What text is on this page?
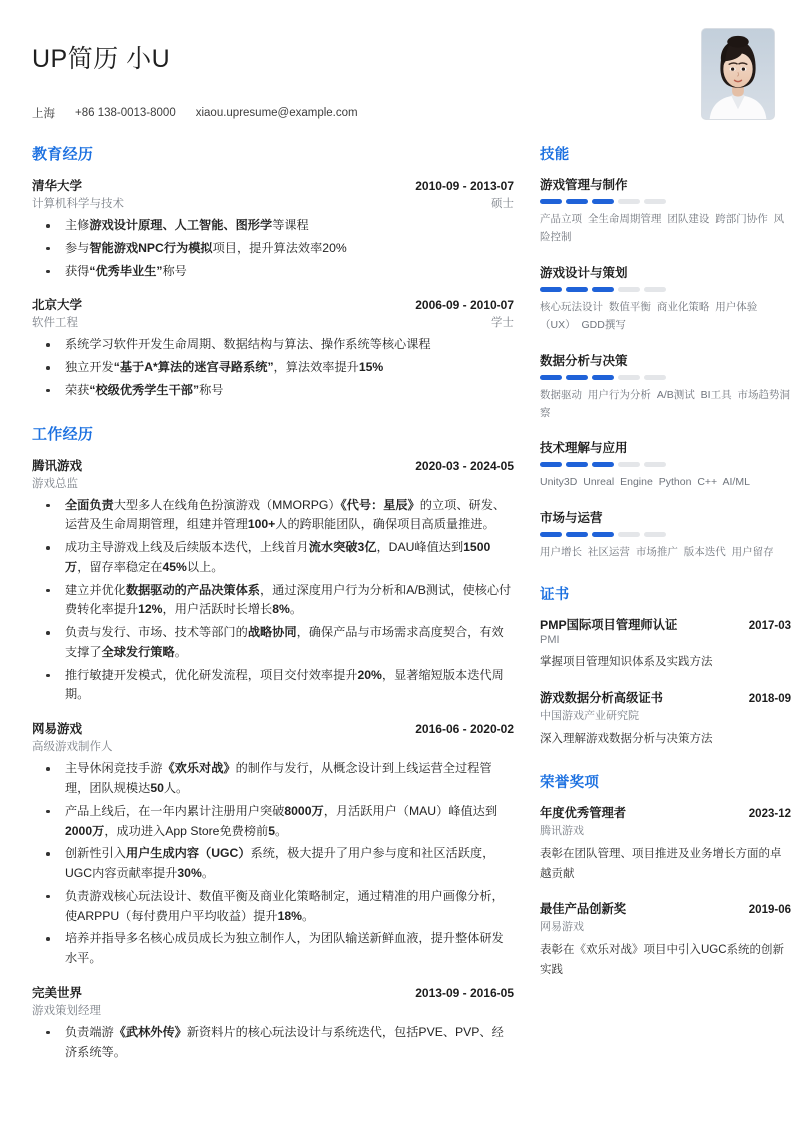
UP简历 小U
上海 +86 138-0013-8000 xiaou.upresume@example.com
教育经历
清华大学	2010-09 - 2013-07
计算机科学与技术	硕士
主修游戏设计原理、人工智能、图形学等课程
参与智能游戏NPC行为模拟项目，提升算法效率20%
获得“优秀毕业生”称号
北京大学	2006-09 - 2010-07
软件工程	学士
系统学习软件开发生命周期、数据结构与算法、操作系统等核心课程
独立开发“基于A*算法的迷宫寻路系统”，算法效率提升15%
荣获“校级优秀学生干部”称号
工作经历
腾讯游戏	2020-03 - 2024-05
游戏总监
全面负责大型多人在线角色扮演游戏（MMORPG）《代号：星辰》的立项、研发、运营及生命周期管理，组建并管理100+人的跨职能团队，确保项目高质量推进。
成功主导游戏上线及后续版本迭代，上线首月流水突破3亿，DAU峰值达到1500万，留存率稳定在45%以上。
建立并优化数据驱动的产品决策体系，通过深度用户行为分析和A/B测试，使核心付费转化率提升12%，用户活跃时长增长8%。
负责与发行、市场、技术等部门的战略协同，确保产品与市场需求高度契合，有效支撑了全球发行策略。
推行敏捷开发模式，优化研发流程，项目交付效率提升20%，显著缩短版本迭代周期。
网易游戏	2016-06 - 2020-02
高级游戏制作人
主导休闲竞技手游《欢乐对战》的制作与发行，从概念设计到上线运营全过程管理，团队规模达50人。
产品上线后，在一年内累计注册用户突破8000万，月活跃用户（MAU）峰值达到2000万，成功进入App Store免费榜前5。
创新性引入用户生成内容（UGC）系统，极大提升了用户参与度和社区活跃度，UGC内容贡献率提升30%。
负责游戏核心玩法设计、数值平衡及商业化策略制定，通过精准的用户画像分析，使ARPPU（每付费用户平均收益）提升18%。
培养并指导多名核心成员成长为独立制作人，为团队输送新鲜血液，提升整体研发水平。
完美世界	2013-09 - 2016-05
游戏策划经理
负责端游《武林外传》新资料片的核心玩法设计与系统迭代，包括PVE、PVP、经济系统等。
技能
游戏管理与制作
产品立项 全生命周期管理 团队建设 跨部门协作 风险控制
游戏设计与策划
核心玩法设计 数值平衡 商业化策略 用户体验（UX） GDD撰写
数据分析与决策
数据驱动 用户行为分析 A/B测试 BI工具 市场趋势洞察
技术理解与应用
Unity3D Unreal Engine Python C++ AI/ML
市场与运营
用户增长 社区运营 市场推广 版本迭代 用户留存
证书
PMP国际项目管理师认证	2017-03
PMI
掌握项目管理知识体系及实践方法
游戏数据分析高级证书	2018-09
中国游戏产业研究院
深入理解游戏数据分析与决策方法
荣誉奖项
年度优秀管理者	2023-12
腾讯游戏
表彰在团队管理、项目推进及业务增长方面的卓越贡献
最佳产品创新奖	2019-06
网易游戏
表彰在《欢乐对战》项目中引入UGC系统的创新实践
